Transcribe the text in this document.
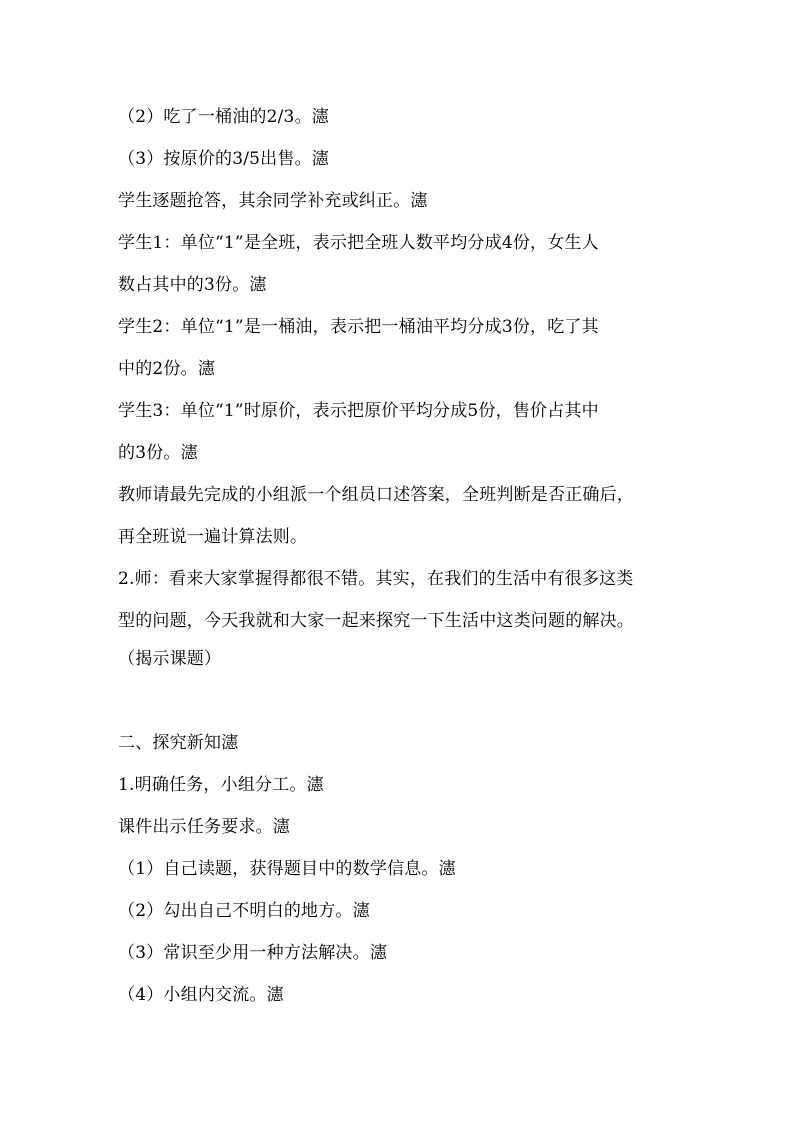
（2）吃了一桶油的2/3。瀗
（3）按原价的3/5出售。瀗
学生逐题抢答，其余同学补充或纠正。瀗
学生1：单位“1”是全班，表示把全班人数平均分成4份，女生人
数占其中的3份。瀗
学生2：单位“1”是一桶油，表示把一桶油平均分成3份，吃了其
中的2份。瀗
学生3：单位“1”时原价，表示把原价平均分成5份，售价占其中
的3份。瀗
教师请最先完成的小组派一个组员口述答案，全班判断是否正确后，
再全班说一遍计算法则。
2.师：看来大家掌握得都很不错。其实，在我们的生活中有很多这类
型的问题，今天我就和大家一起来探究一下生活中这类问题的解决。
（揭示课题）
二、探究新知瀗
1.明确任务，小组分工。瀗
课件出示任务要求。瀗
（1）自己读题，获得题目中的数学信息。瀗
（2）勾出自己不明白的地方。瀗
（3）常识至少用一种方法解决。瀗
（4）小组内交流。瀗
